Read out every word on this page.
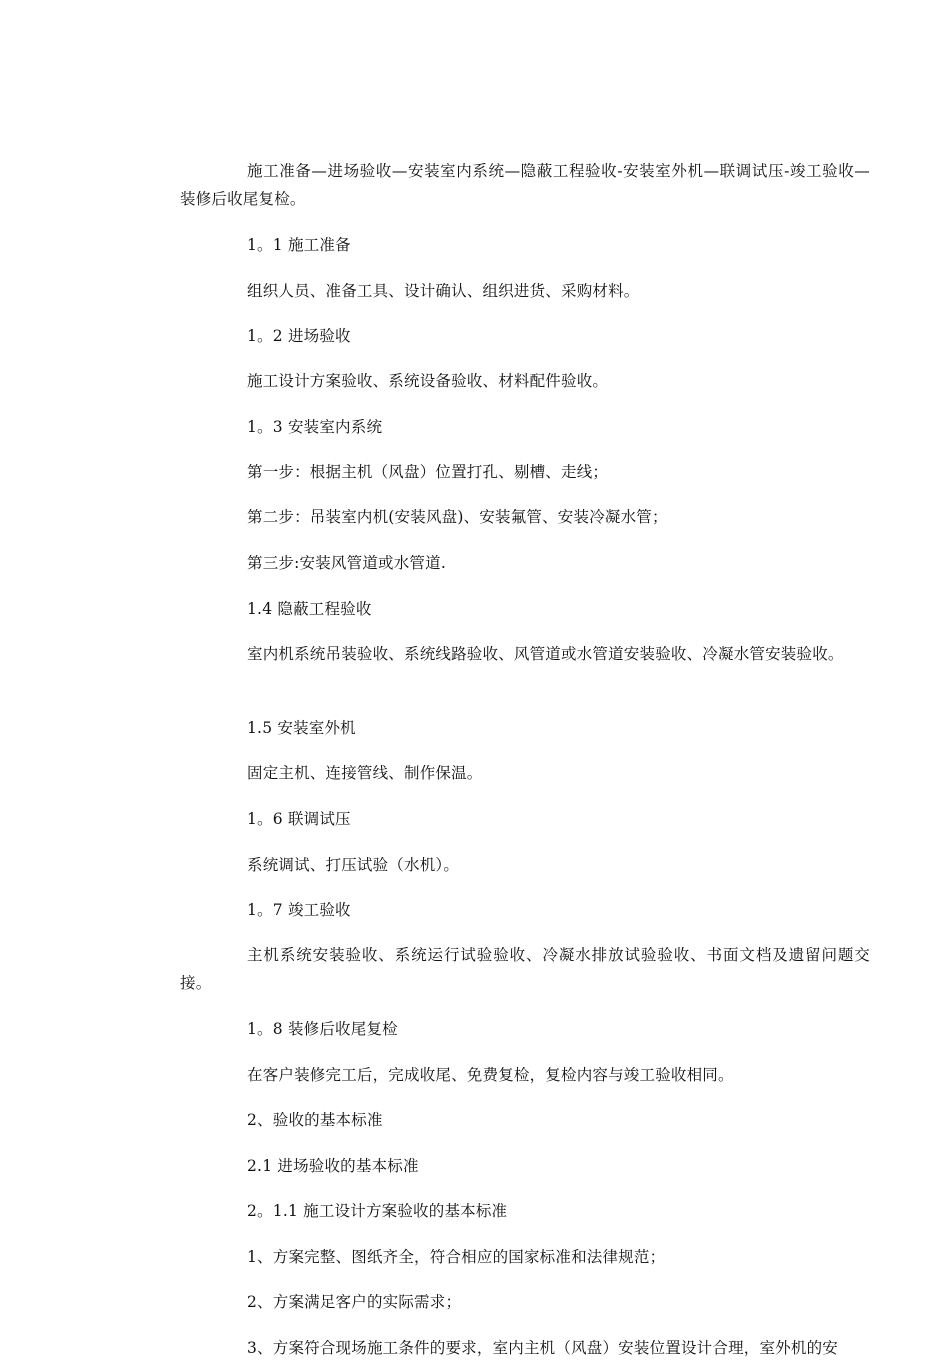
施工准备—进场验收—安装室内系统—隐蔽工程验收-安装室外机—联调试压-竣工验收—装修后收尾复检。

1。1 施工准备

组织人员、准备工具、设计确认、组织进货、采购材料。

1。2 进场验收

施工设计方案验收、系统设备验收、材料配件验收。

1。3 安装室内系统

第一步：根据主机（风盘）位置打孔、剔槽、走线；

第二步：吊装室内机(安装风盘)、安装氟管、安装冷凝水管；

第三步:安装风管道或水管道.

1.4 隐蔽工程验收

室内机系统吊装验收、系统线路验收、风管道或水管道安装验收、冷凝水管安装验收。

1.5 安装室外机

固定主机、连接管线、制作保温。

1。6 联调试压

系统调试、打压试验（水机）。

1。7 竣工验收

主机系统安装验收、系统运行试验验收、冷凝水排放试验验收、书面文档及遗留问题交接。

1。8 装修后收尾复检

在客户装修完工后，完成收尾、免费复检，复检内容与竣工验收相同。

2、验收的基本标准

2.1 进场验收的基本标准

2。1.1 施工设计方案验收的基本标准

1、方案完整、图纸齐全，符合相应的国家标准和法律规范；

2、方案满足客户的实际需求；

3、方案符合现场施工条件的要求，室内主机（风盘）安装位置设计合理，室外机的安
